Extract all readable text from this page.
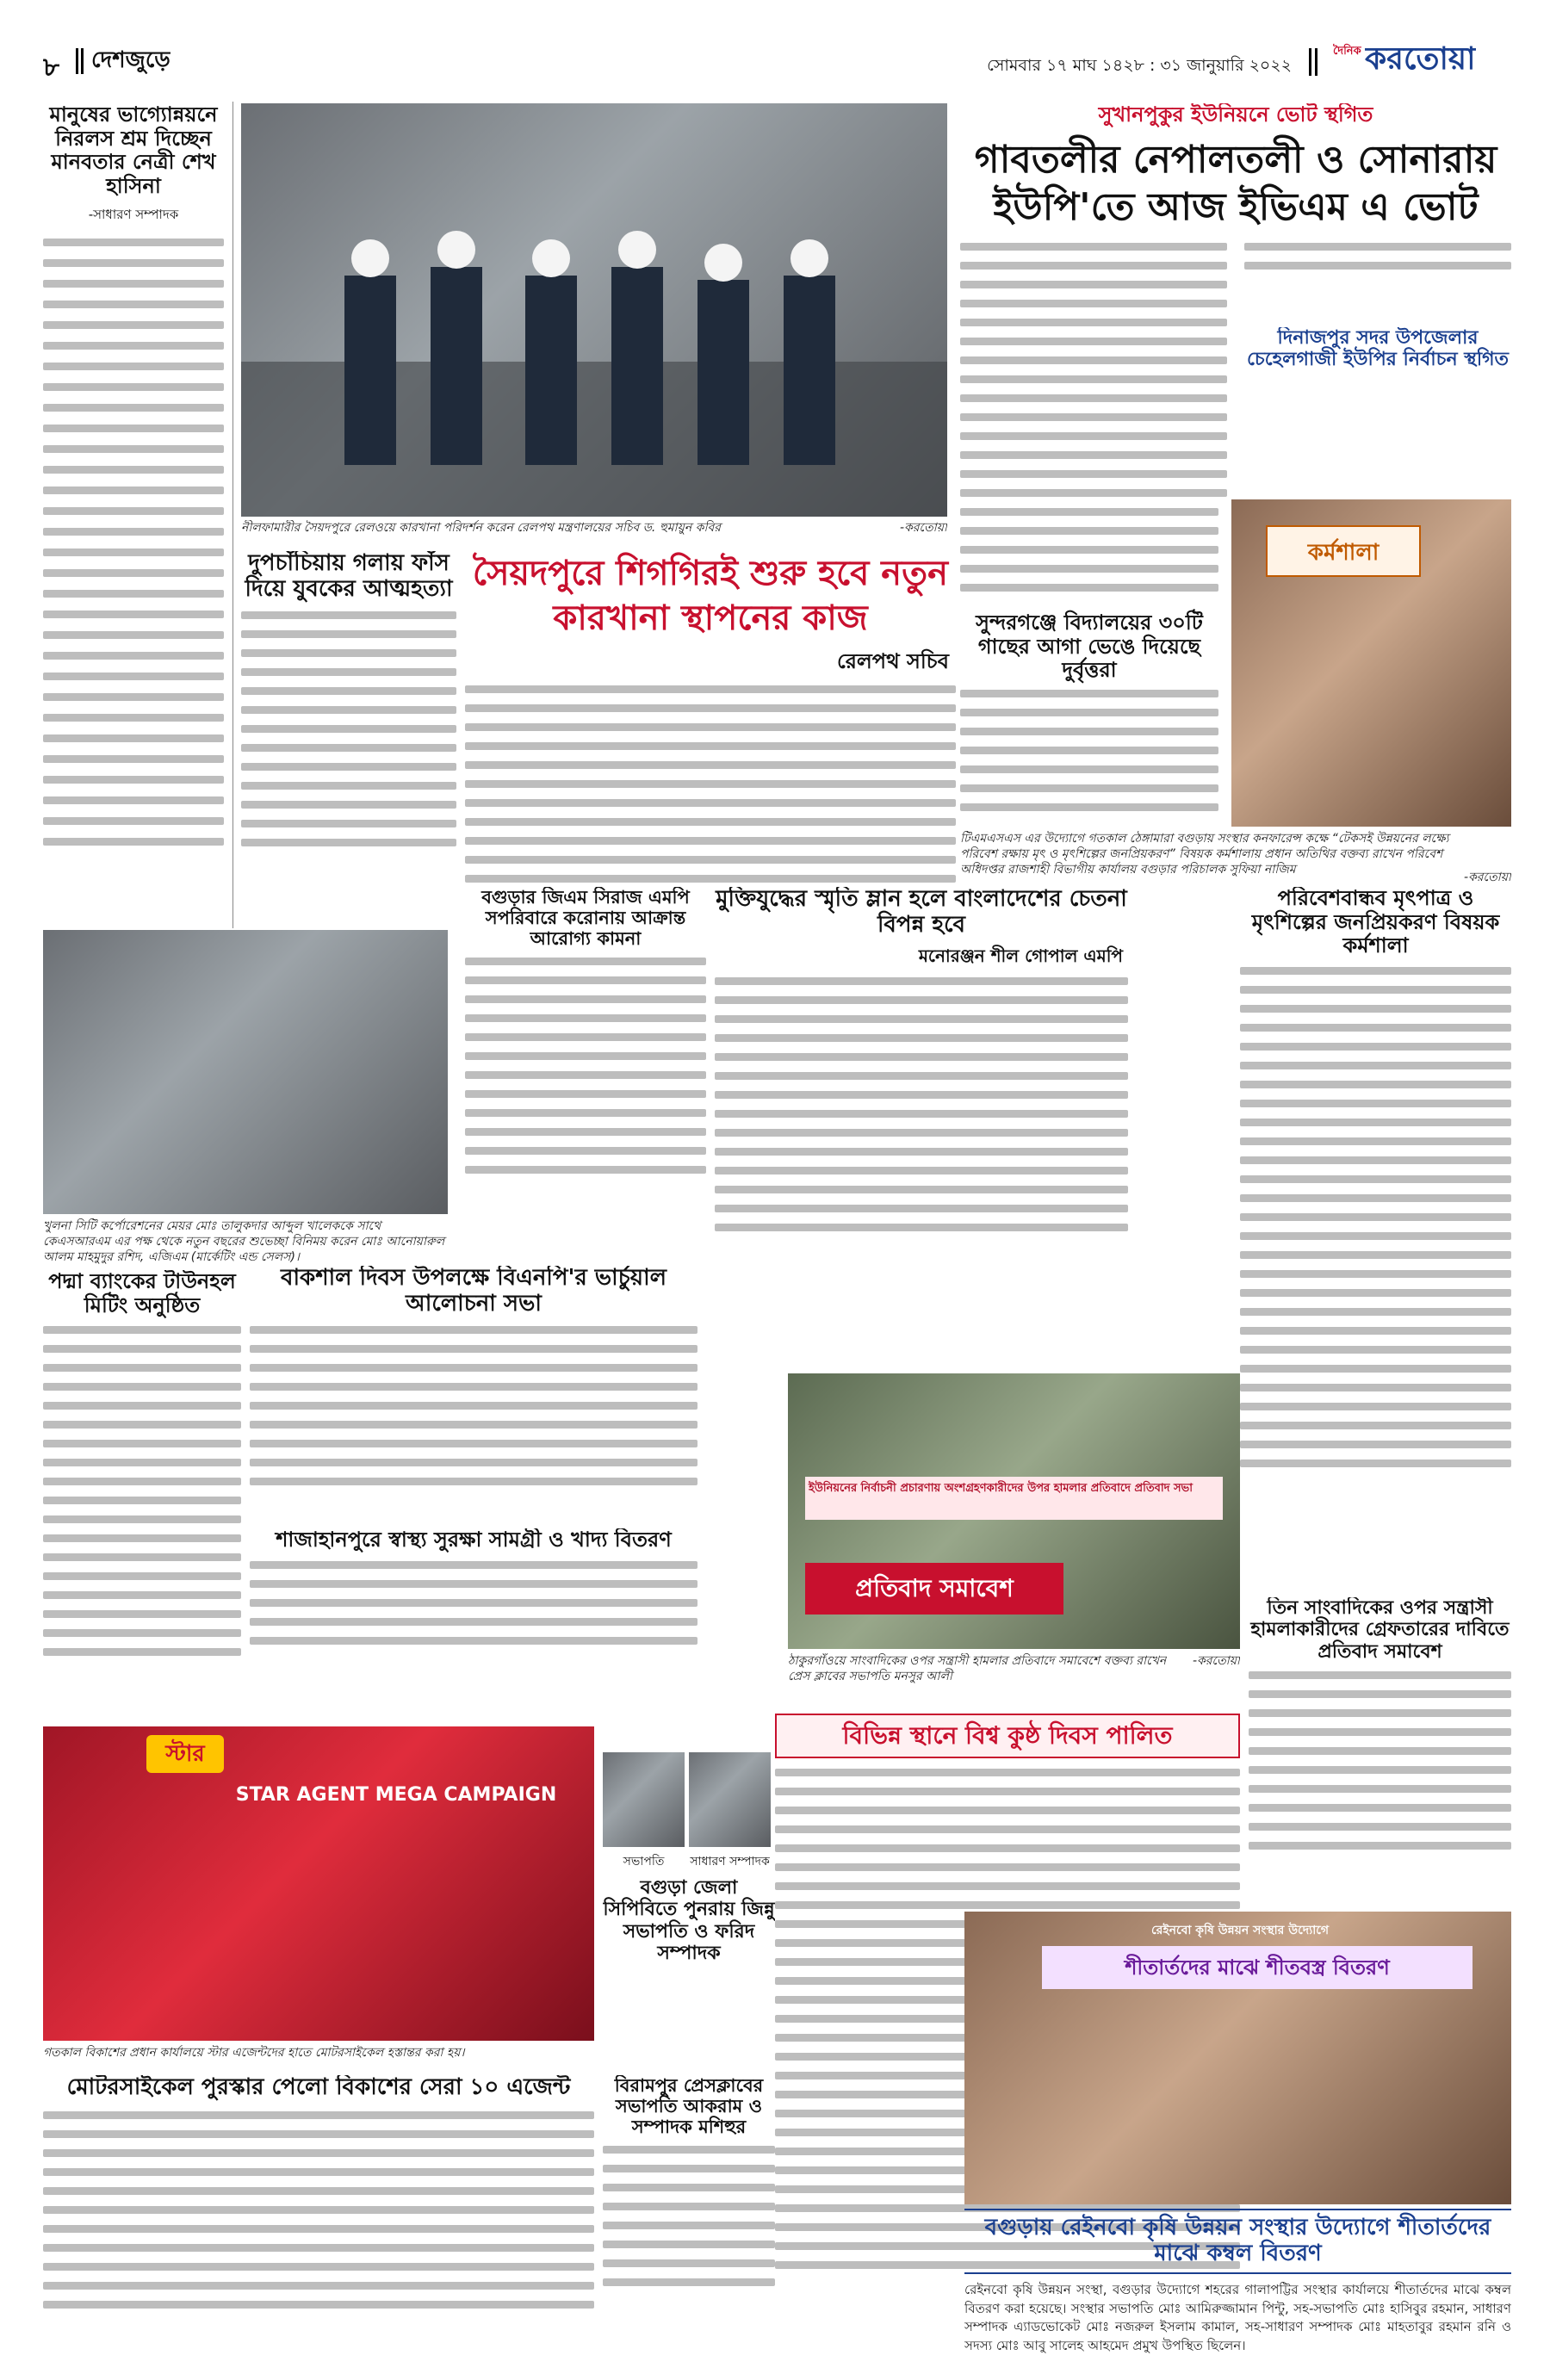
৮ দেশজুড়ে	সোমবার ১৭ মাঘ ১৪২৮ : ৩১ জানুয়ারি ২০২২
দৈনিক করতোয়া
মানুষের ভাগ্যোন্নয়নে নিরলস শ্রম দিচ্ছেন মানবতার নেত্রী শেখ হাসিনা
-সাধারণ সম্পাদক
নীলফামারীর সৈয়দপুরে রেলওয়ে কারখানা পরিদর্শন করেন রেলপথ মন্ত্রণালয়ের সচিব ড. হুমায়ুন কবির	-করতোয়া
সুখানপুকুর ইউনিয়নে ভোট স্থগিত
গাবতলীর নেপালতলী ও সোনারায় ইউপি'তে আজ ইভিএম এ ভোট
দিনাজপুর সদর উপজেলার চেহেলগাজী ইউপির নির্বাচন স্থগিত
দুপচাঁচিয়ায় গলায় ফাঁস দিয়ে যুবকের আত্মহত্যা সৈয়দপুরে শিগগিরই শুরু হবে নতুন কারখানা স্থাপনের কাজ
রেলপথ সচিব
সুন্দরগঞ্জে বিদ্যালয়ের ৩০টি গাছের আগা ভেঙে দিয়েছে দুর্বৃত্তরা
কর্মশালা
টিএমএসএস এর উদ্যোগে গতকাল ঠেঙ্গামারা বগুড়ায় সংস্থার কনফারেন্স কক্ষে “টেকসই উন্নয়নের লক্ষ্যে পরিবেশ রক্ষায় মৃৎ ও মৃৎশিল্পের জনপ্রিয়করণ” বিষয়ক কর্মশালায় প্রধান অতিথির বক্তব্য রাখেন পরিবেশ অধিদপ্তর রাজশাহী বিভাগীয় কার্যালয় বগুড়ার পরিচালক সুফিয়া নাজিম
-করতোয়া
বগুড়ার জিএম সিরাজ এমপি সপরিবারে করোনায় আক্রান্ত আরোগ্য কামনা
মুক্তিযুদ্ধের স্মৃতি ম্লান হলে বাংলাদেশের চেতনা বিপন্ন হবে
মনোরঞ্জন শীল গোপাল এমপি
পরিবেশবান্ধব মৃৎপাত্র ও মৃৎশিল্পের জনপ্রিয়করণ বিষয়ক কর্মশালা
খুলনা সিটি কর্পোরেশনের মেয়র মোঃ তালুকদার আব্দুল খালেককে সাথে কেএসআরএম এর পক্ষ থেকে নতুন বছরের শুভেচ্ছা বিনিময় করেন মোঃ আনোয়ারুল আলম মাহমুদুর রশিদ, এজিএম (মার্কেটিং এন্ড সেলস)।
পদ্মা ব্যাংকের টাউনহল মিটিং অনুষ্ঠিত
বাকশাল দিবস উপলক্ষে বিএনপি'র ভার্চুয়াল আলোচনা সভা
শাজাহানপুরে স্বাস্থ্য সুরক্ষা সামগ্রী ও খাদ্য বিতরণ
ইউনিয়নের নির্বাচনী প্রচারণায় অংশগ্রহণকারীদের উপর হামলার প্রতিবাদে প্রতিবাদ সভা
প্রতিবাদ সমাবেশ
ঠাকুরগাঁওয়ে সাংবাদিকের ওপর সন্ত্রাসী হামলার প্রতিবাদে সমাবেশে বক্তব্য রাখেন প্রেস ক্লাবের সভাপতি মনসুর আলী
-করতোয়া
বিভিন্ন স্থানে বিশ্ব কুষ্ঠ দিবস পালিত
সভাপতি	সাধারণ সম্পাদক
বগুড়া জেলা সিপিবিতে পুনরায় জিন্নু সভাপতি ও ফরিদ সম্পাদক
তিন সাংবাদিকের ওপর সন্ত্রাসী হামলাকারীদের গ্রেফতারের দাবিতে প্রতিবাদ সমাবেশ
স্টার
STAR AGENT MEGA CAMPAIGN
গতকাল বিকাশের প্রধান কার্যালয়ে স্টার এজেন্টদের হাতে মোটরসাইকেল হস্তান্তর করা হয়।
বিরামপুর প্রেসক্লাবের সভাপতি আকরাম ও সম্পাদক মশিহুর
মোটরসাইকেল পুরস্কার পেলো বিকাশের সেরা ১০ এজেন্ট
রেইনবো কৃষি উন্নয়ন সংস্থার উদ্যোগে
শীতার্তদের মাঝে শীতবস্ত্র বিতরণ
বগুড়ায় রেইনবো কৃষি উন্নয়ন সংস্থার উদ্যোগে শীতার্তদের মাঝে কম্বল বিতরণ
রেইনবো কৃষি উন্নয়ন সংস্থা, বগুড়ার উদ্যোগে শহরের গালাপট্টির সংস্থার কার্যালয়ে শীতার্তদের মাঝে কম্বল বিতরণ করা হয়েছে। সংস্থার সভাপতি মোঃ আমিরুজ্জামান পিন্টু, সহ-সভাপতি মোঃ হাসিবুর রহমান, সাধারণ সম্পাদক এ্যাডভোকেট মোঃ নজরুল ইসলাম কামাল, সহ-সাধারণ সম্পাদক মোঃ মাহতাবুর রহমান রনি ও সদস্য মোঃ আবু সালেহ আহমেদ প্রমুখ উপস্থিত ছিলেন।
